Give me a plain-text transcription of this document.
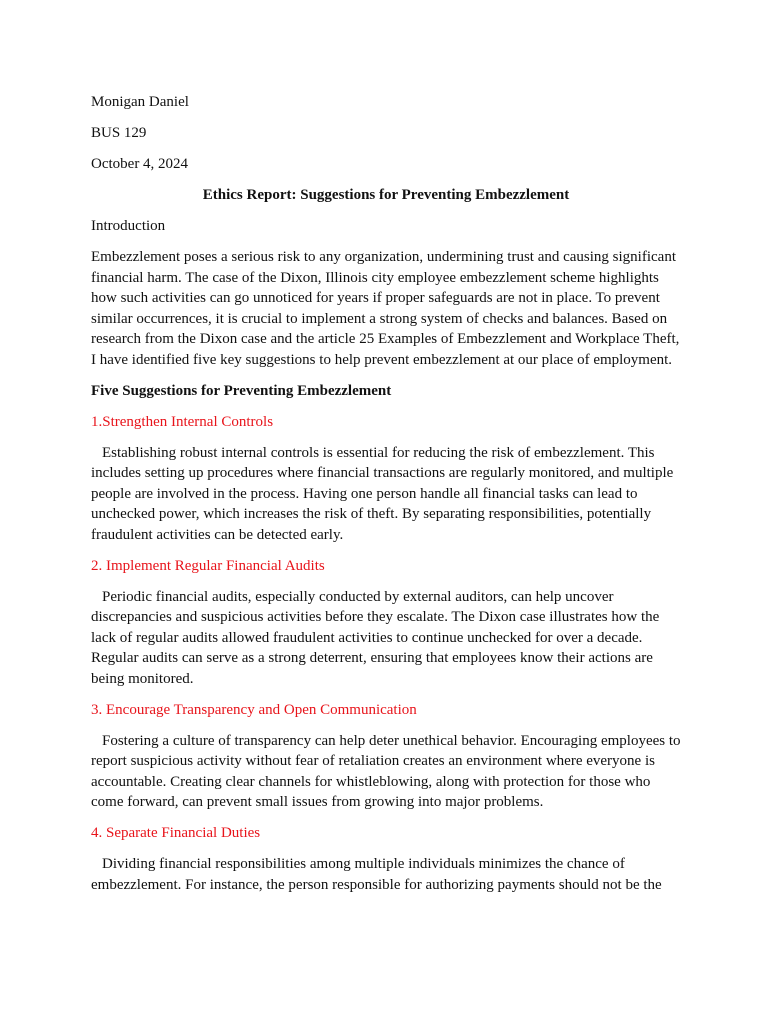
Monigan Daniel

BUS 129

October 4, 2024

Ethics Report: Suggestions for Preventing Embezzlement

Introduction

Embezzlement poses a serious risk to any organization, undermining trust and causing significant financial harm. The case of the Dixon, Illinois city employee embezzlement scheme highlights how such activities can go unnoticed for years if proper safeguards are not in place. To prevent similar occurrences, it is crucial to implement a strong system of checks and balances. Based on research from the Dixon case and the article 25 Examples of Embezzlement and Workplace Theft, I have identified five key suggestions to help prevent embezzlement at our place of employment.

Five Suggestions for Preventing Embezzlement

1.Strengthen Internal Controls

Establishing robust internal controls is essential for reducing the risk of embezzlement. This includes setting up procedures where financial transactions are regularly monitored, and multiple people are involved in the process. Having one person handle all financial tasks can lead to unchecked power, which increases the risk of theft. By separating responsibilities, potentially fraudulent activities can be detected early.

2. Implement Regular Financial Audits

Periodic financial audits, especially conducted by external auditors, can help uncover discrepancies and suspicious activities before they escalate. The Dixon case illustrates how the lack of regular audits allowed fraudulent activities to continue unchecked for over a decade. Regular audits can serve as a strong deterrent, ensuring that employees know their actions are being monitored.

3. Encourage Transparency and Open Communication

Fostering a culture of transparency can help deter unethical behavior. Encouraging employees to report suspicious activity without fear of retaliation creates an environment where everyone is accountable. Creating clear channels for whistleblowing, along with protection for those who come forward, can prevent small issues from growing into major problems.

4. Separate Financial Duties

Dividing financial responsibilities among multiple individuals minimizes the chance of embezzlement. For instance, the person responsible for authorizing payments should not be the
